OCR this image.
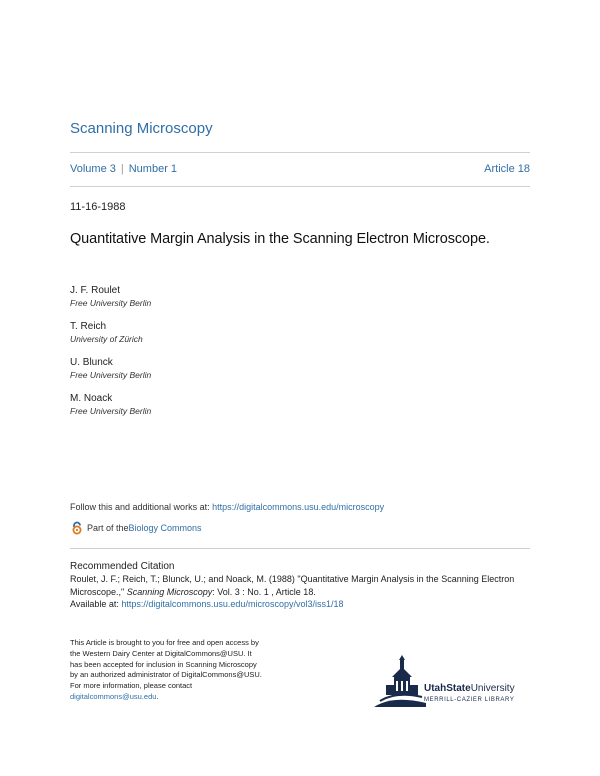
Scanning Microscopy
Volume 3 | Number 1	Article 18
11-16-1988
Quantitative Margin Analysis in the Scanning Electron Microscope.
J. F. Roulet
Free University Berlin
T. Reich
University of Zürich
U. Blunck
Free University Berlin
M. Noack
Free University Berlin
Follow this and additional works at: https://digitalcommons.usu.edu/microscopy
Part of the Biology Commons
Recommended Citation
Roulet, J. F.; Reich, T.; Blunck, U.; and Noack, M. (1988) "Quantitative Margin Analysis in the Scanning Electron Microscope.," Scanning Microscopy: Vol. 3 : No. 1 , Article 18.
Available at: https://digitalcommons.usu.edu/microscopy/vol3/iss1/18
This Article is brought to you for free and open access by
the Western Dairy Center at DigitalCommons@USU. It
has been accepted for inclusion in Scanning Microscopy
by an authorized administrator of DigitalCommons@USU.
For more information, please contact
digitalcommons@usu.edu.
UtahStateUniversity
MERRILL-CAZIER LIBRARY
